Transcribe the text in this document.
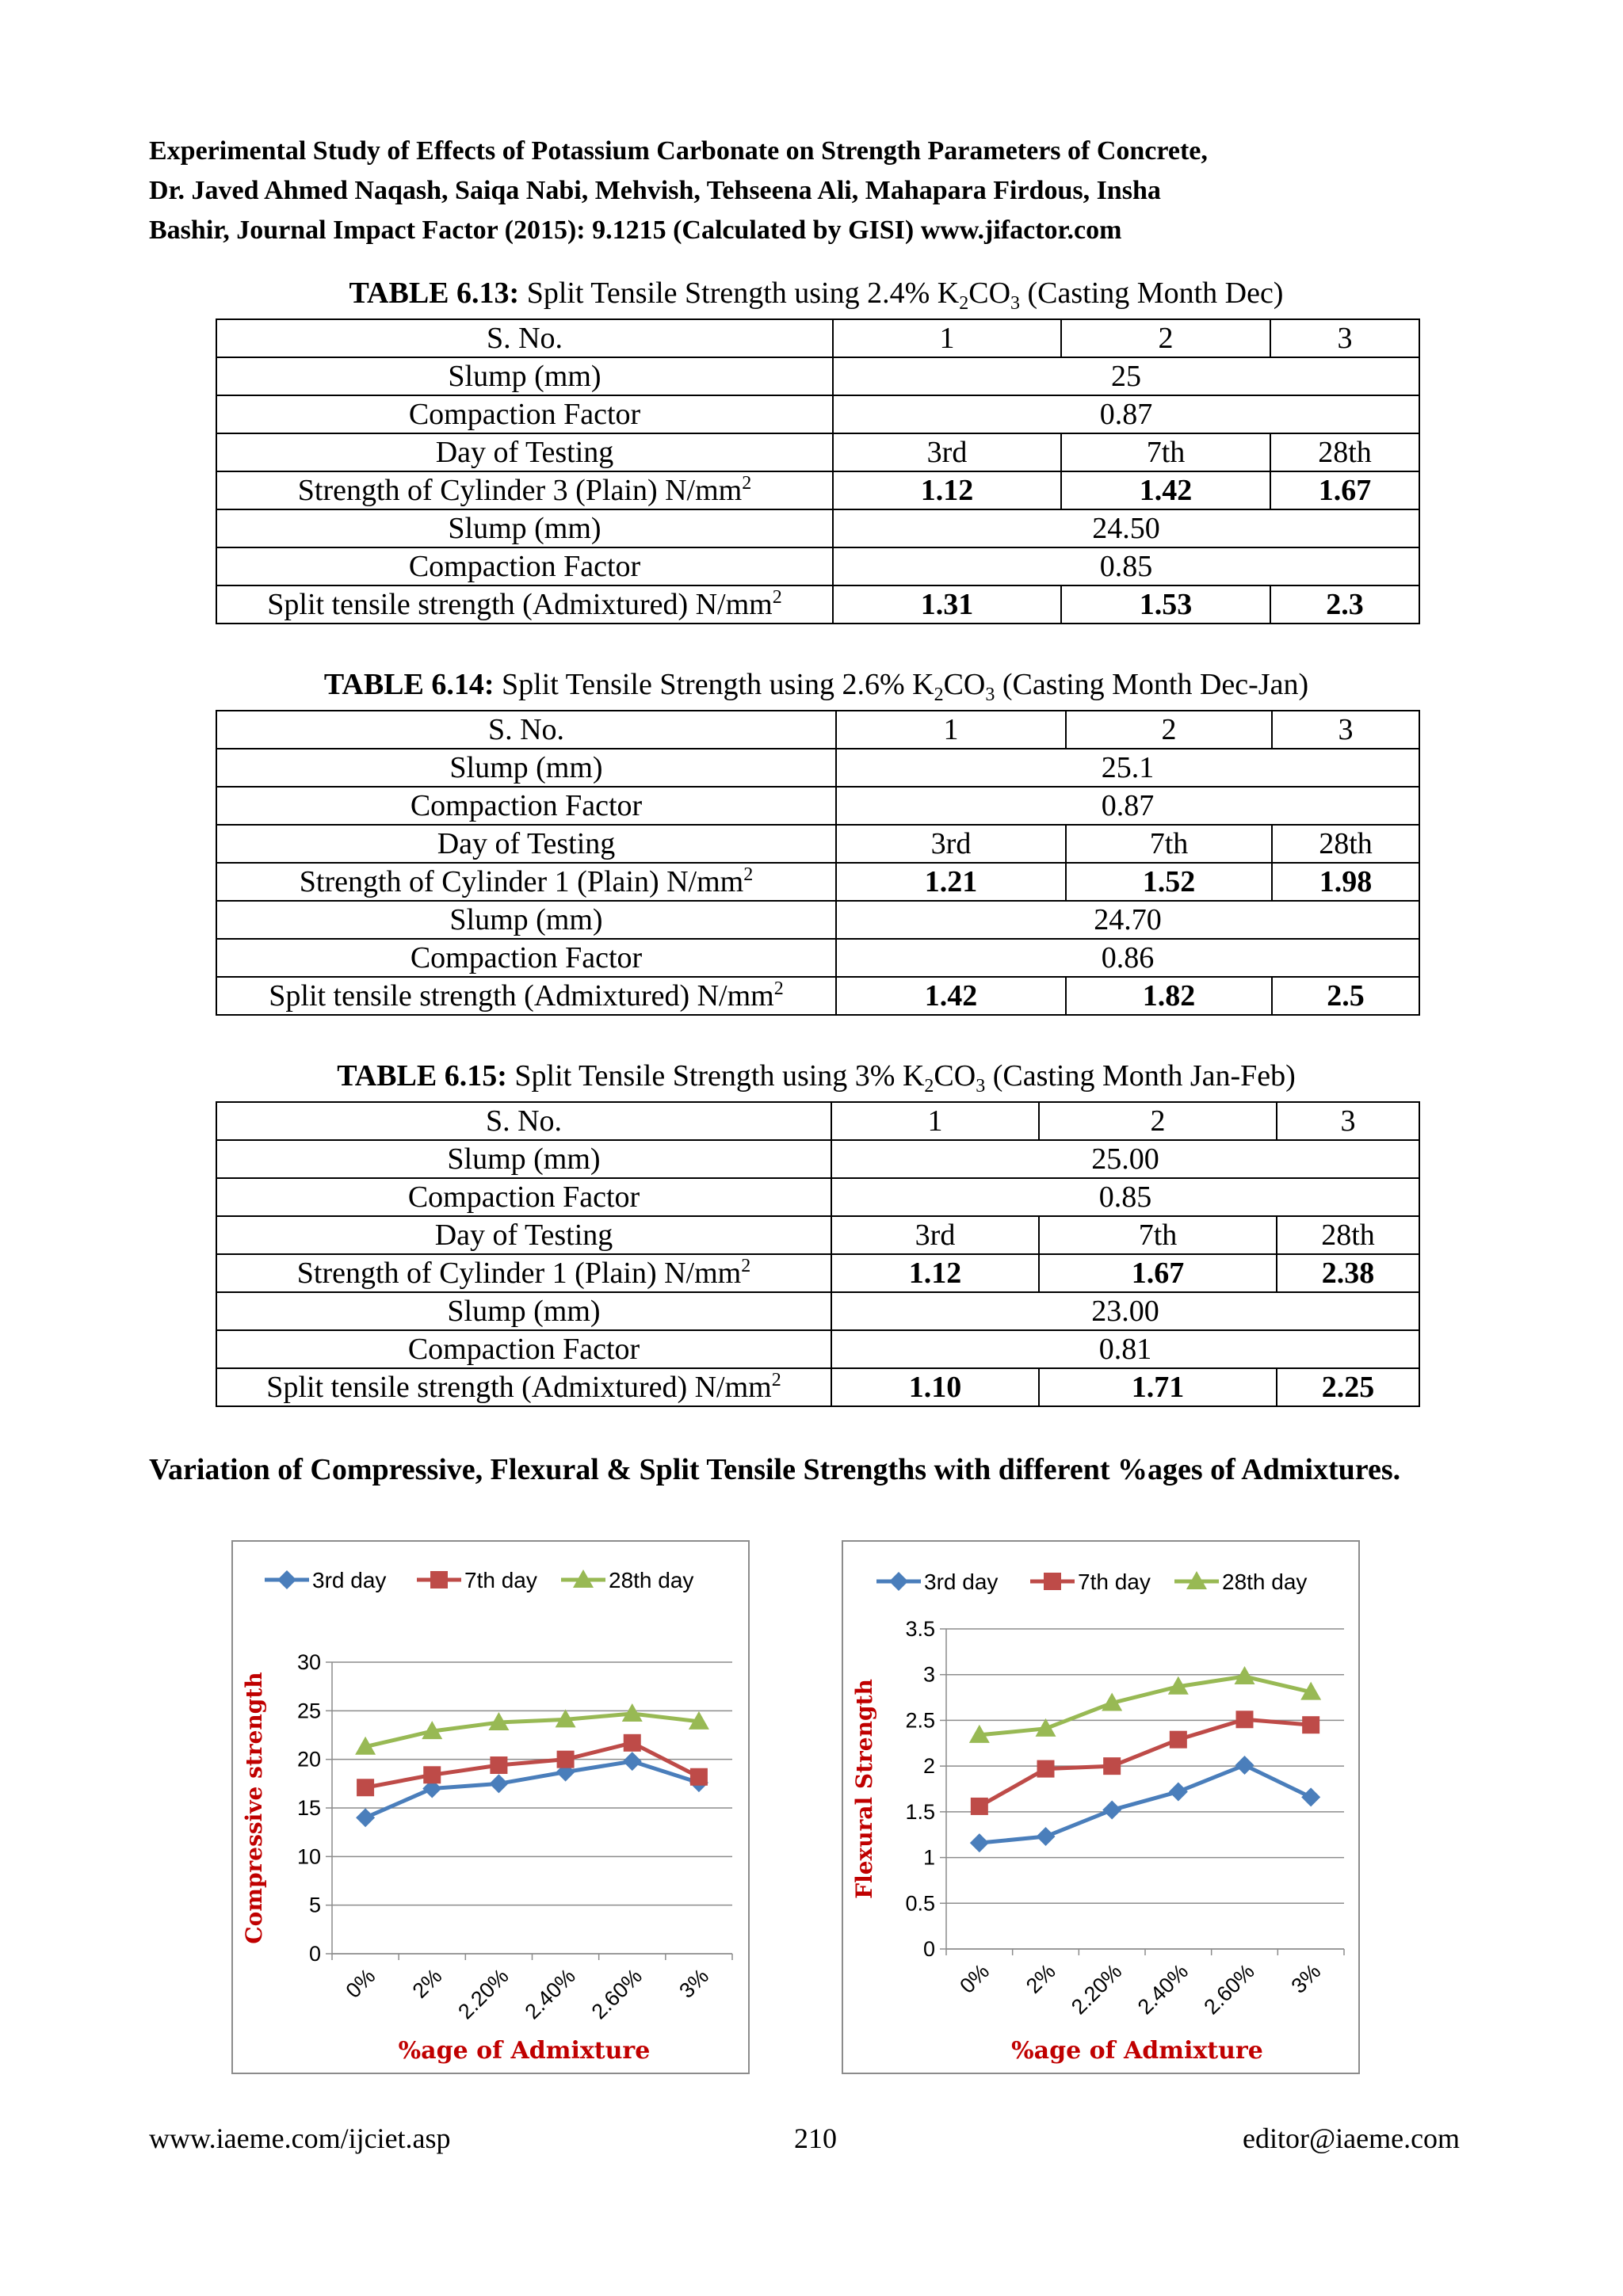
Experimental Study of Effects of Potassium Carbonate on Strength Parameters of Concrete,
Dr. Javed Ahmed Naqash, Saiqa Nabi, Mehvish, Tehseena Ali, Mahapara Firdous, Insha
Bashir, Journal Impact Factor (2015): 9.1215 (Calculated by GISI) www.jifactor.com
TABLE 6.13: Split Tensile Strength using 2.4% $K_2CO_3$ (Casting Month Dec)
S. No.	1	2	3
Slump (mm)	25		
Compaction Factor	0.87		
Day of Testing	3rd	7th	28th
Strength of Cylinder 3 (Plain) $N/mm^2$	1.12	1.42	1.67
Slump (mm)	24.50		
Compaction Factor	0.85		
Split tensile strength (Admixtured) $N/mm^2$	1.31	1.53	2.3
TABLE 6.14: Split Tensile Strength using 2.6% $K_2CO_3$ (Casting Month Dec-Jan)
S. No.	1	2	3
Slump (mm)	25.1		
Compaction Factor	0.87		
Day of Testing	3rd	7th	28th
Strength of Cylinder 1 (Plain) $N/mm^2$	1.21	1.52	1.98
Slump (mm)	24.70		
Compaction Factor	0.86		
Split tensile strength (Admixtured) $N/mm^2$	1.42	1.82	2.5
TABLE 6.15: Split Tensile Strength using 3% $K_2CO_3$ (Casting Month Jan-Feb)
S. No.	1	2	3
Slump (mm)	25.00		
Compaction Factor	0.85		
Day of Testing	3rd	7th	28th
Strength of Cylinder 1 (Plain) $N/mm^2$	1.12	1.67	2.38
Slump (mm)	23.00		
Compaction Factor	0.81		
Split tensile strength (Admixtured) $N/mm^2$	1.10	1.71	2.25
Variation of Compressive, Flexural & Split Tensile Strengths with different %ages of Admixtures.
0
5
10
15
20
25
30
0% 2% 2.20% 2.40% 2.60% 3%
%age of Admixture
Compressive strength
3rd day	7th day	28th day
0
0.5
1
1.5
2
2.5
3
3.5
0% 2% 2.20% 2.40% 2.60% 3%
%age of Admixture
Flexural Strength
3rd day	7th day	28th day
www.iaeme.com/ijciet.asp	210	editor@iaeme.com
